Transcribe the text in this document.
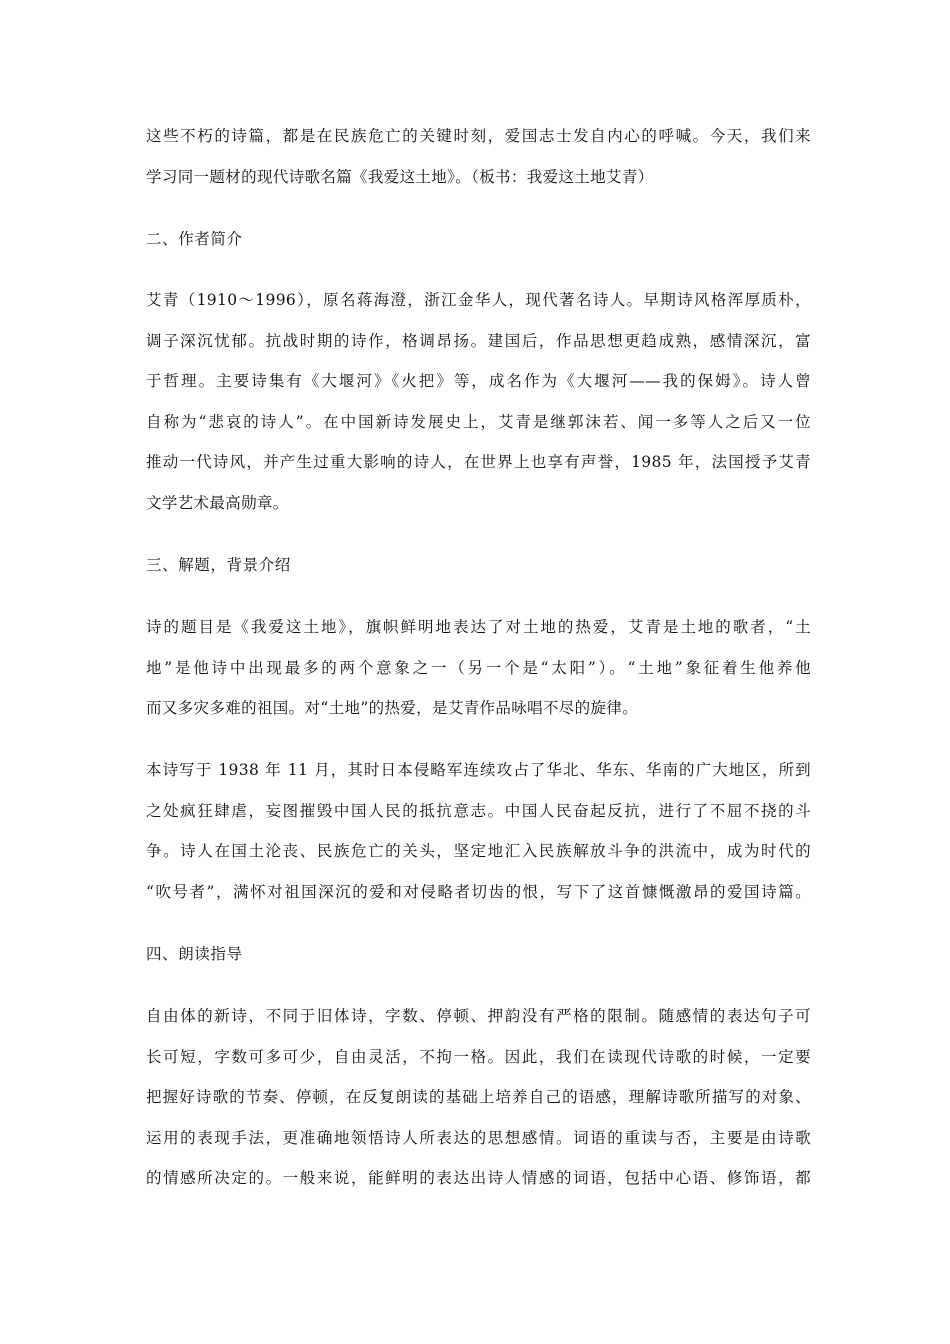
这些不朽的诗篇，都是在民族危亡的关键时刻，爱国志士发自内心的呼喊。今天，我们来
学习同一题材的现代诗歌名篇《我爱这土地》。（板书：我爱这土地艾青）
二、作者简介
艾青（1910～1996），原名蒋海澄，浙江金华人，现代著名诗人。早期诗风格浑厚质朴，
调子深沉忧郁。抗战时期的诗作，格调昂扬。建国后，作品思想更趋成熟，感情深沉，富
于哲理。主要诗集有《大堰河》《火把》等，成名作为《大堰河——我的保姆》。诗人曾
自称为“悲哀的诗人”。在中国新诗发展史上，艾青是继郭沫若、闻一多等人之后又一位
推动一代诗风，并产生过重大影响的诗人，在世界上也享有声誉，1985 年，法国授予艾青
文学艺术最高勋章。
三、解题，背景介绍
诗的题目是《我爱这土地》，旗帜鲜明地表达了对土地的热爱，艾青是土地的歌者，“土
地”是他诗中出现最多的两个意象之一（另一个是“太阳”）。“土地”象征着生他养他
而又多灾多难的祖国。对“土地”的热爱，是艾青作品咏唱不尽的旋律。
本诗写于 1938 年 11 月，其时日本侵略军连续攻占了华北、华东、华南的广大地区，所到
之处疯狂肆虐，妄图摧毁中国人民的抵抗意志。中国人民奋起反抗，进行了不屈不挠的斗
争。诗人在国土沦丧、民族危亡的关头，坚定地汇入民族解放斗争的洪流中，成为时代的
“吹号者”，满怀对祖国深沉的爱和对侵略者切齿的恨，写下了这首慷慨激昂的爱国诗篇。
四、朗读指导
自由体的新诗，不同于旧体诗，字数、停顿、押韵没有严格的限制。随感情的表达句子可
长可短，字数可多可少，自由灵活，不拘一格。因此，我们在读现代诗歌的时候，一定要
把握好诗歌的节奏、停顿，在反复朗读的基础上培养自己的语感，理解诗歌所描写的对象、
运用的表现手法，更准确地领悟诗人所表达的思想感情。词语的重读与否，主要是由诗歌
的情感所决定的。一般来说，能鲜明的表达出诗人情感的词语，包括中心语、修饰语，都
